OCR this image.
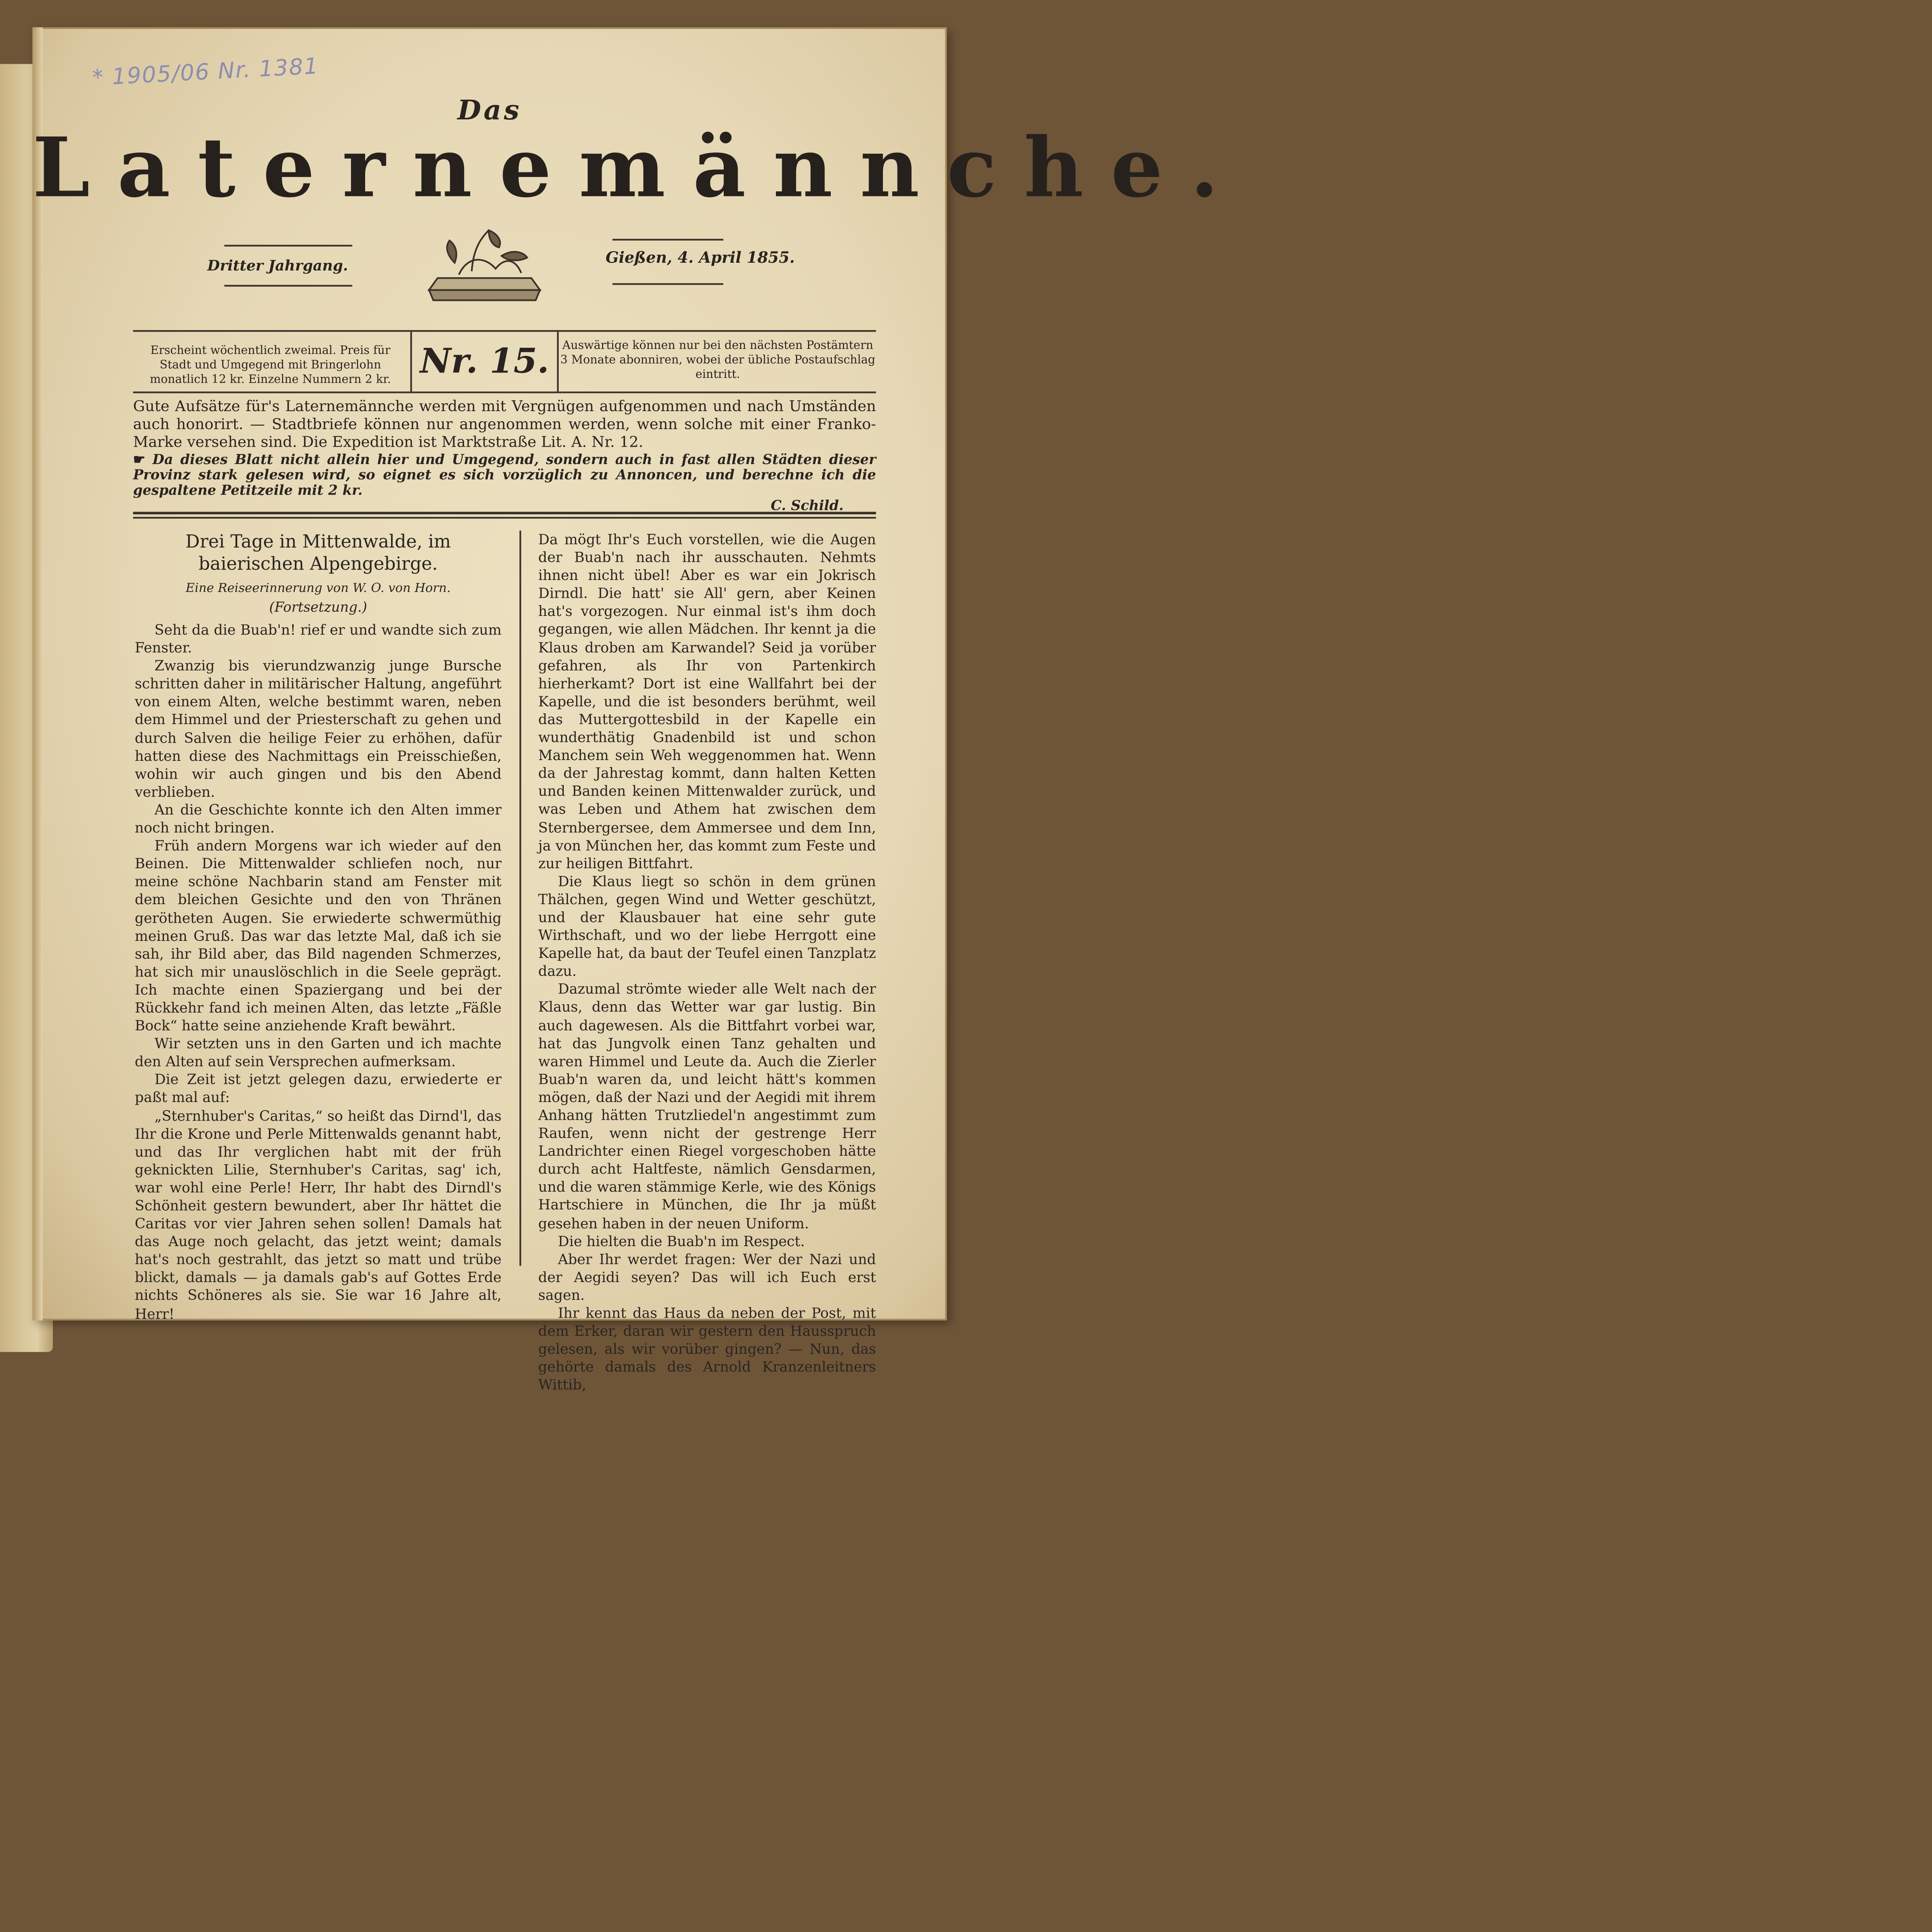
* 1905/06 Nr. 1381
Das
Laternemännche.
Dritter Jahrgang.	Gießen, 4. April 1855.
Erscheint wöchentlich zweimal. Preis für Stadt und Umgegend mit Bringerlohn monatlich 12 kr. Einzelne Nummern 2 kr.	Nr. 15.	Auswärtige können nur bei den nächsten Postämtern 3 Monate abonniren, wobei der übliche Postaufschlag eintritt.
Gute Aufsätze für's Laternemännche werden mit Vergnügen aufgenommen und nach Umständen auch honorirt. — Stadtbriefe können nur angenommen werden, wenn solche mit einer Franko-Marke versehen sind. Die Expedition ist Marktstraße Lit. A. Nr. 12.
☛ Da dieses Blatt nicht allein hier und Umgegend, sondern auch in fast allen Städten dieser Provinz stark gelesen wird, so eignet es sich vorzüglich zu Annoncen, und berechne ich die gespaltene Petitzeile mit 2 kr.
C. Schild.
Drei Tage in Mittenwalde, im baierischen Alpengebirge.
Eine Reiseerinnerung von W. O. von Horn.
(Fortsetzung.)

Seht da die Buab'n! rief er und wandte sich zum Fenster.

Zwanzig bis vierundzwanzig junge Bursche schritten daher in militärischer Haltung, angeführt von einem Alten, welche bestimmt waren, neben dem Himmel und der Priesterschaft zu gehen und durch Salven die heilige Feier zu erhöhen, dafür hatten diese des Nachmittags ein Preisschießen, wohin wir auch gingen und bis den Abend verblieben.

An die Geschichte konnte ich den Alten immer noch nicht bringen.

Früh andern Morgens war ich wieder auf den Beinen. Die Mittenwalder schliefen noch, nur meine schöne Nachbarin stand am Fenster mit dem bleichen Gesichte und den von Thränen gerötheten Augen. Sie erwiederte schwermüthig meinen Gruß. Das war das letzte Mal, daß ich sie sah, ihr Bild aber, das Bild nagenden Schmerzes, hat sich mir unauslöschlich in die Seele geprägt. Ich machte einen Spaziergang und bei der Rückkehr fand ich meinen Alten, das letzte „Fäßle Bock“ hatte seine anziehende Kraft bewährt.

Wir setzten uns in den Garten und ich machte den Alten auf sein Versprechen aufmerksam.

Die Zeit ist jetzt gelegen dazu, erwiederte er paßt mal auf:

„Sternhuber's Caritas,“ so heißt das Dirnd'l, das Ihr die Krone und Perle Mittenwalds genannt habt, und das Ihr verglichen habt mit der früh geknickten Lilie, Sternhuber's Caritas, sag' ich, war wohl eine Perle! Herr, Ihr habt des Dirndl's Schönheit gestern bewundert, aber Ihr hättet die Caritas vor vier Jahren sehen sollen! Damals hat das Auge noch gelacht, das jetzt weint; damals hat's noch gestrahlt, das jetzt so matt und trübe blickt, damals — ja damals gab's auf Gottes Erde nichts Schöneres als sie. Sie war 16 Jahre alt, Herr!

Da mögt Ihr's Euch vorstellen, wie die Augen der Buab'n nach ihr ausschauten. Nehmts ihnen nicht übel! Aber es war ein Jokrisch Dirndl. Die hatt' sie All' gern, aber Keinen hat's vorgezogen. Nur einmal ist's ihm doch gegangen, wie allen Mädchen. Ihr kennt ja die Klaus droben am Karwandel? Seid ja vorüber gefahren, als Ihr von Partenkirch hierherkamt? Dort ist eine Wallfahrt bei der Kapelle, und die ist besonders berühmt, weil das Muttergottesbild in der Kapelle ein wunderthätig Gnadenbild ist und schon Manchem sein Weh weggenommen hat. Wenn da der Jahrestag kommt, dann halten Ketten und Banden keinen Mittenwalder zurück, und was Leben und Athem hat zwischen dem Sternbergersee, dem Ammersee und dem Inn, ja von München her, das kommt zum Feste und zur heiligen Bittfahrt.

Die Klaus liegt so schön in dem grünen Thälchen, gegen Wind und Wetter geschützt, und der Klausbauer hat eine sehr gute Wirthschaft, und wo der liebe Herrgott eine Kapelle hat, da baut der Teufel einen Tanzplatz dazu.

Dazumal strömte wieder alle Welt nach der Klaus, denn das Wetter war gar lustig. Bin auch dagewesen. Als die Bittfahrt vorbei war, hat das Jungvolk einen Tanz gehalten und waren Himmel und Leute da. Auch die Zierler Buab'n waren da, und leicht hätt's kommen mögen, daß der Nazi und der Aegidi mit ihrem Anhang hätten Trutzliedel'n angestimmt zum Raufen, wenn nicht der gestrenge Herr Landrichter einen Riegel vorgeschoben hätte durch acht Haltfeste, nämlich Gensdarmen, und die waren stämmige Kerle, wie des Königs Hartschiere in München, die Ihr ja müßt gesehen haben in der neuen Uniform.

Die hielten die Buab'n im Respect.

Aber Ihr werdet fragen: Wer der Nazi und der Aegidi seyen? Das will ich Euch erst sagen.

Ihr kennt das Haus da neben der Post, mit dem Erker, daran wir gestern den Hausspruch gelesen, als wir vorüber gingen? — Nun, das gehörte damals des Arnold Kranzenleitners Wittib,
